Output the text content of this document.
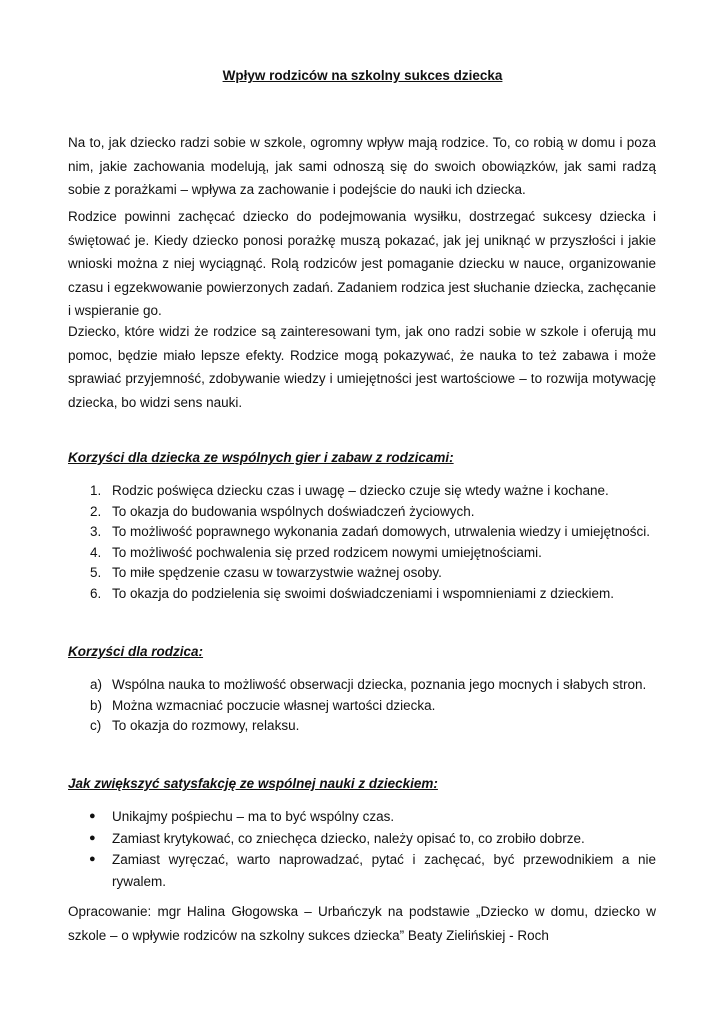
Wpływ rodziców na szkolny sukces dziecka
Na to, jak dziecko radzi sobie w szkole, ogromny wpływ mają rodzice. To, co robią w domu i poza nim, jakie zachowania modelują, jak sami odnoszą się do swoich obowiązków, jak sami radzą sobie z porażkami – wpływa za zachowanie i podejście do nauki ich dziecka.
Rodzice powinni zachęcać dziecko do podejmowania wysiłku, dostrzegać sukcesy dziecka i świętować je. Kiedy dziecko ponosi porażkę muszą pokazać, jak jej uniknąć w przyszłości i jakie wnioski można z niej wyciągnąć. Rolą rodziców jest pomaganie dziecku w nauce, organizowanie czasu i egzekwowanie powierzonych zadań. Zadaniem rodzica jest słuchanie dziecka, zachęcanie i wspieranie go.
Dziecko, które widzi że rodzice są zainteresowani tym, jak ono radzi sobie w szkole i oferują mu pomoc, będzie miało lepsze efekty. Rodzice mogą pokazywać, że nauka to też zabawa i może sprawiać przyjemność, zdobywanie wiedzy i umiejętności jest wartościowe – to rozwija motywację dziecka, bo widzi sens nauki.
Korzyści dla dziecka ze wspólnych gier i zabaw z rodzicami:
1. Rodzic poświęca dziecku czas i uwagę – dziecko czuje się wtedy ważne i kochane.
2. To okazja do budowania wspólnych doświadczeń życiowych.
3. To możliwość poprawnego wykonania zadań domowych, utrwalenia wiedzy i umiejętności.
4. To możliwość pochwalenia się przed rodzicem nowymi umiejętnościami.
5. To miłe spędzenie czasu w towarzystwie ważnej osoby.
6. To okazja do podzielenia się swoimi doświadczeniami i wspomnieniami z dzieckiem.
Korzyści dla rodzica:
a) Wspólna nauka to możliwość obserwacji dziecka, poznania jego mocnych i słabych stron.
b) Można wzmacniać poczucie własnej wartości dziecka.
c) To okazja do rozmowy, relaksu.
Jak zwiększyć satysfakcję ze wspólnej nauki z dzieckiem:
● Unikajmy pośpiechu – ma to być wspólny czas.
● Zamiast krytykować, co zniechęca dziecko, należy opisać to, co zrobiło dobrze.
● Zamiast wyręczać, warto naprowadzać, pytać i zachęcać, być przewodnikiem a nie rywalem.
Opracowanie: mgr Halina Głogowska – Urbańczyk na podstawie „Dziecko w domu, dziecko w szkole – o wpływie rodziców na szkolny sukces dziecka” Beaty Zielińskiej - Roch
